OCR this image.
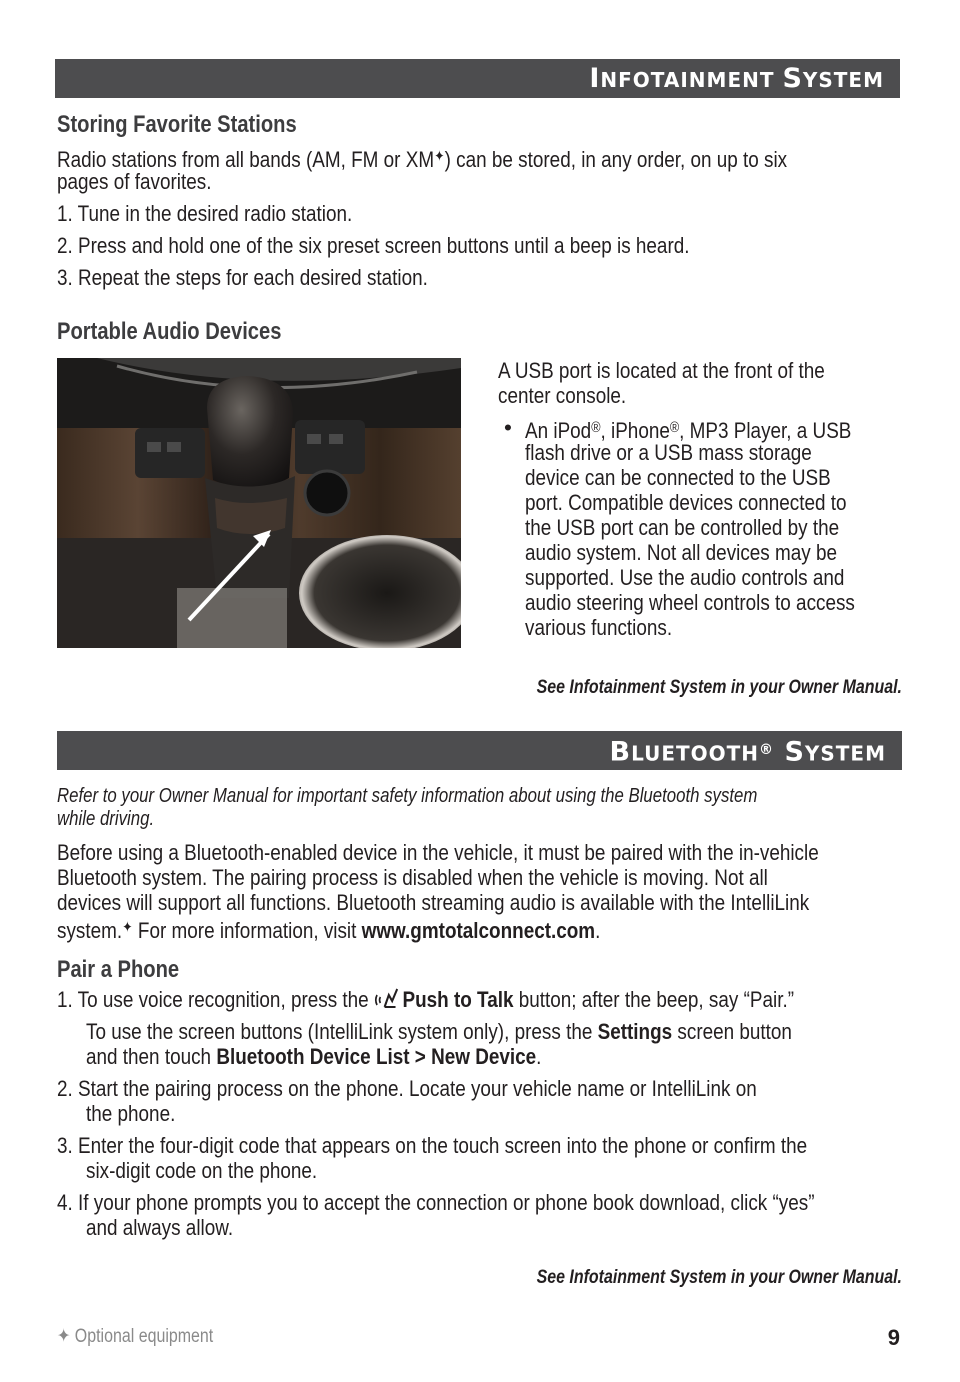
INFOTAINMENT SYSTEM
Storing Favorite Stations
Radio stations from all bands (AM, FM or XM✦) can be stored, in any order, on up to six
pages of favorites.
1. Tune in the desired radio station.
2. Press and hold one of the six preset screen buttons until a beep is heard.
3. Repeat the steps for each desired station.
Portable Audio Devices
A USB port is located at the front of the
center console.
• An iPod®, iPhone®, MP3 Player, a USB
flash drive or a USB mass storage
device can be connected to the USB
port. Compatible devices connected to
the USB port can be controlled by the
audio system. Not all devices may be
supported. Use the audio controls and
audio steering wheel controls to access
various functions.
See Infotainment System in your Owner Manual.
BLUETOOTH® SYSTEM
Refer to your Owner Manual for important safety information about using the Bluetooth system
while driving.
Before using a Bluetooth-enabled device in the vehicle, it must be paired with the in-vehicle
Bluetooth system. The pairing process is disabled when the vehicle is moving. Not all
devices will support all functions. Bluetooth streaming audio is available with the IntelliLink
system.✦ For more information, visit www.gmtotalconnect.com.
Pair a Phone
1. To use voice recognition, press the Push to Talk button; after the beep, say “Pair.”
To use the screen buttons (IntelliLink system only), press the Settings screen button
and then touch Bluetooth Device List > New Device.
2. Start the pairing process on the phone. Locate your vehicle name or IntelliLink on
the phone.
3. Enter the four-digit code that appears on the touch screen into the phone or confirm the
six-digit code on the phone.
4. If your phone prompts you to accept the connection or phone book download, click “yes”
and always allow.
See Infotainment System in your Owner Manual.
✦ Optional equipment	9
